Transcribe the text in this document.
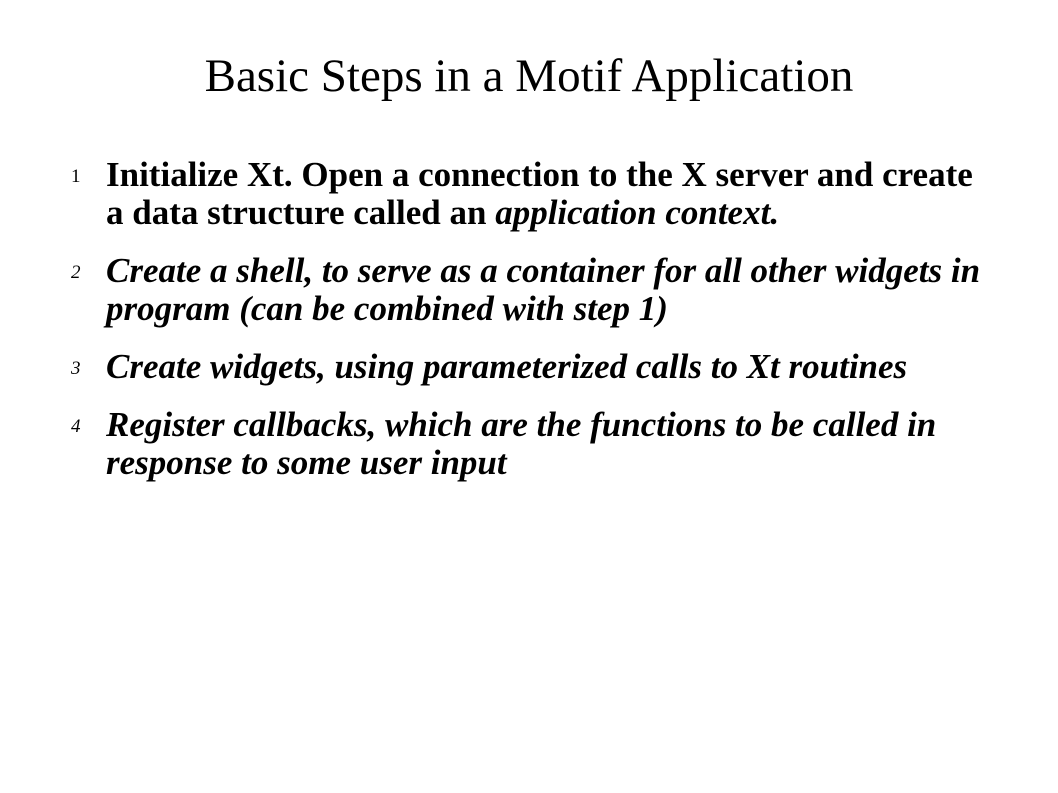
Basic Steps in a Motif Application
1 Initialize Xt. Open a connection to the X server and create a data structure called an application context.
2 Create a shell, to serve as a container for all other widgets in program (can be combined with step 1)
3 Create widgets, using parameterized calls to Xt routines
4 Register callbacks, which are the functions to be called in response to some user input
